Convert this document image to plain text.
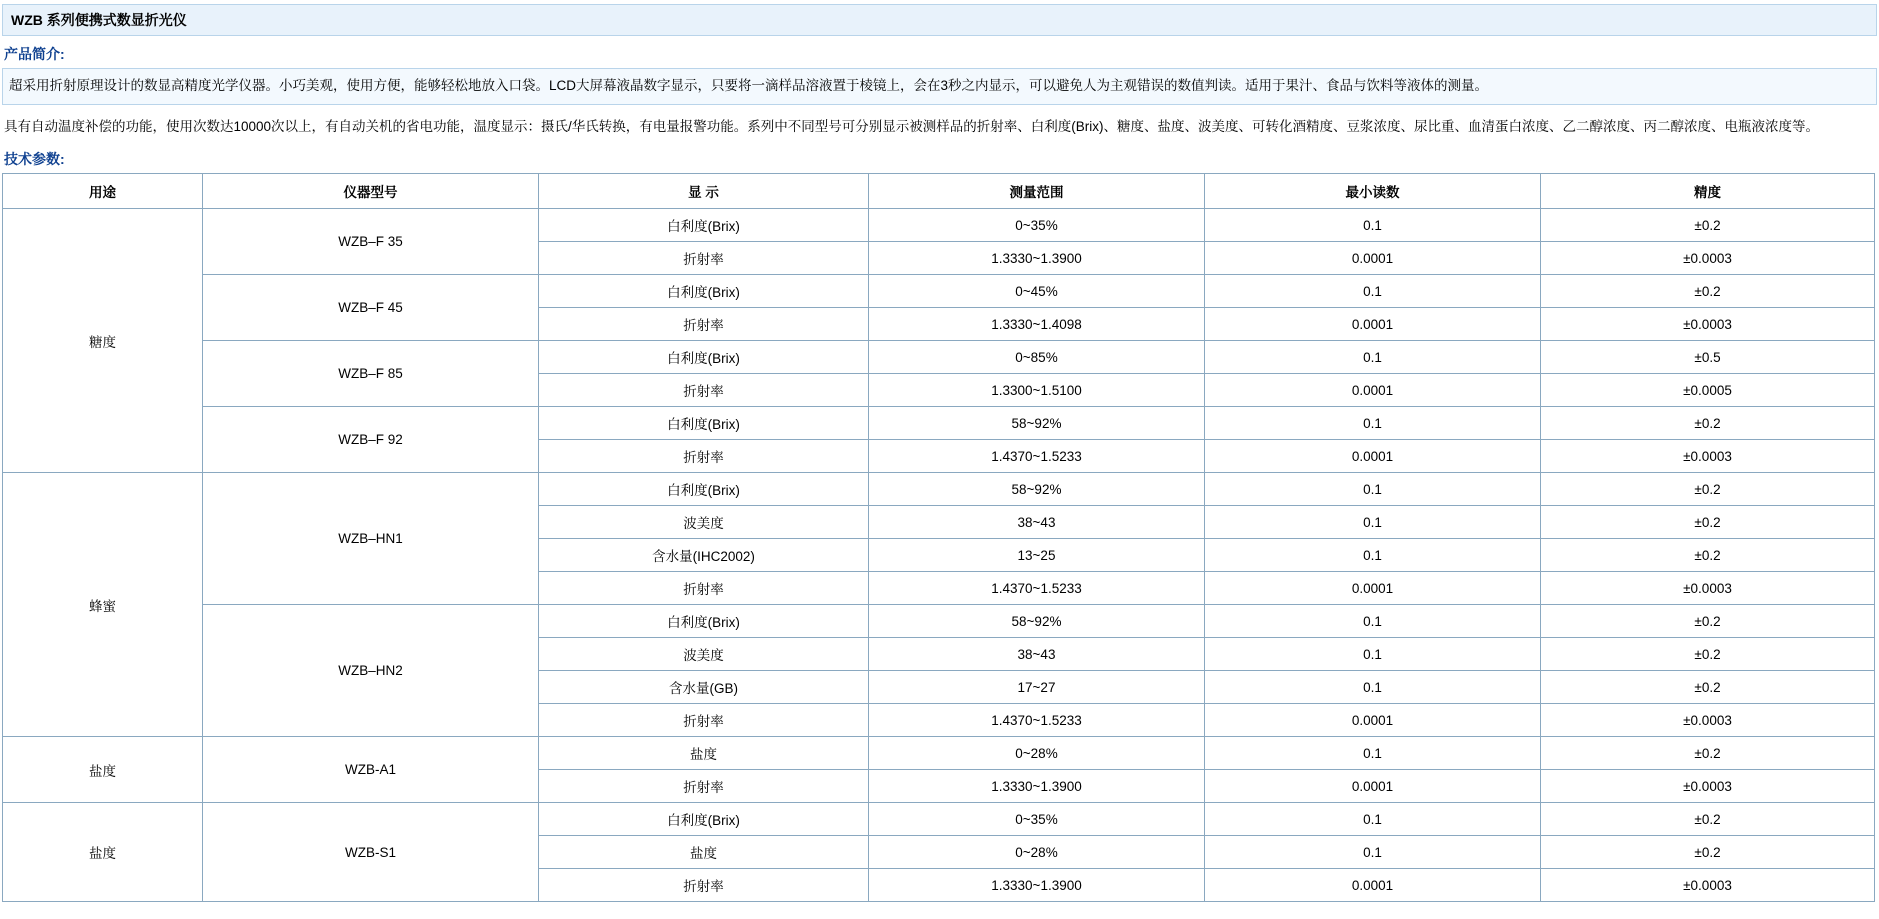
WZB 系列便携式数显折光仪
产品简介:
超采用折射原理设计的数显高精度光学仪器。小巧美观，使用方便，能够轻松地放入口袋。LCD大屏幕液晶数字显示，只要将一滴样品溶液置于棱镜上，会在3秒之内显示，可以避免人为主观错误的数值判读。适用于果汁、食品与饮料等液体的测量。
具有自动温度补偿的功能，使用次数达10000次以上，有自动关机的省电功能，温度显示：摄氏/华氏转换，有电量报警功能。系列中不同型号可分别显示被测样品的折射率、白利度(Brix)、糖度、盐度、波美度、可转化酒精度、豆浆浓度、尿比重、血清蛋白浓度、乙二醇浓度、丙二醇浓度、电瓶液浓度等。
技术参数:
用途	仪器型号	显 示	测量范围	最小读数	精度
糖度	WZB–F 35	白利度(Brix)	0~35%	0.1	±0.2
		折射率	1.3330~1.3900	0.0001	±0.0003
	WZB–F 45	白利度(Brix)	0~45%	0.1	±0.2
		折射率	1.3330~1.4098	0.0001	±0.0003
	WZB–F 85	白利度(Brix)	0~85%	0.1	±0.5
		折射率	1.3300~1.5100	0.0001	±0.0005
	WZB–F 92	白利度(Brix)	58~92%	0.1	±0.2
		折射率	1.4370~1.5233	0.0001	±0.0003
蜂蜜	WZB–HN1	白利度(Brix)	58~92%	0.1	±0.2
		波美度	38~43	0.1	±0.2
		含水量(IHC2002)	13~25	0.1	±0.2
		折射率	1.4370~1.5233	0.0001	±0.0003
	WZB–HN2	白利度(Brix)	58~92%	0.1	±0.2
		波美度	38~43	0.1	±0.2
		含水量(GB)	17~27	0.1	±0.2
		折射率	1.4370~1.5233	0.0001	±0.0003
盐度	WZB-A1	盐度	0~28%	0.1	±0.2
		折射率	1.3330~1.3900	0.0001	±0.0003
盐度	WZB-S1	白利度(Brix)	0~35%	0.1	±0.2
		盐度	0~28%	0.1	±0.2
		折射率	1.3330~1.3900	0.0001	±0.0003
